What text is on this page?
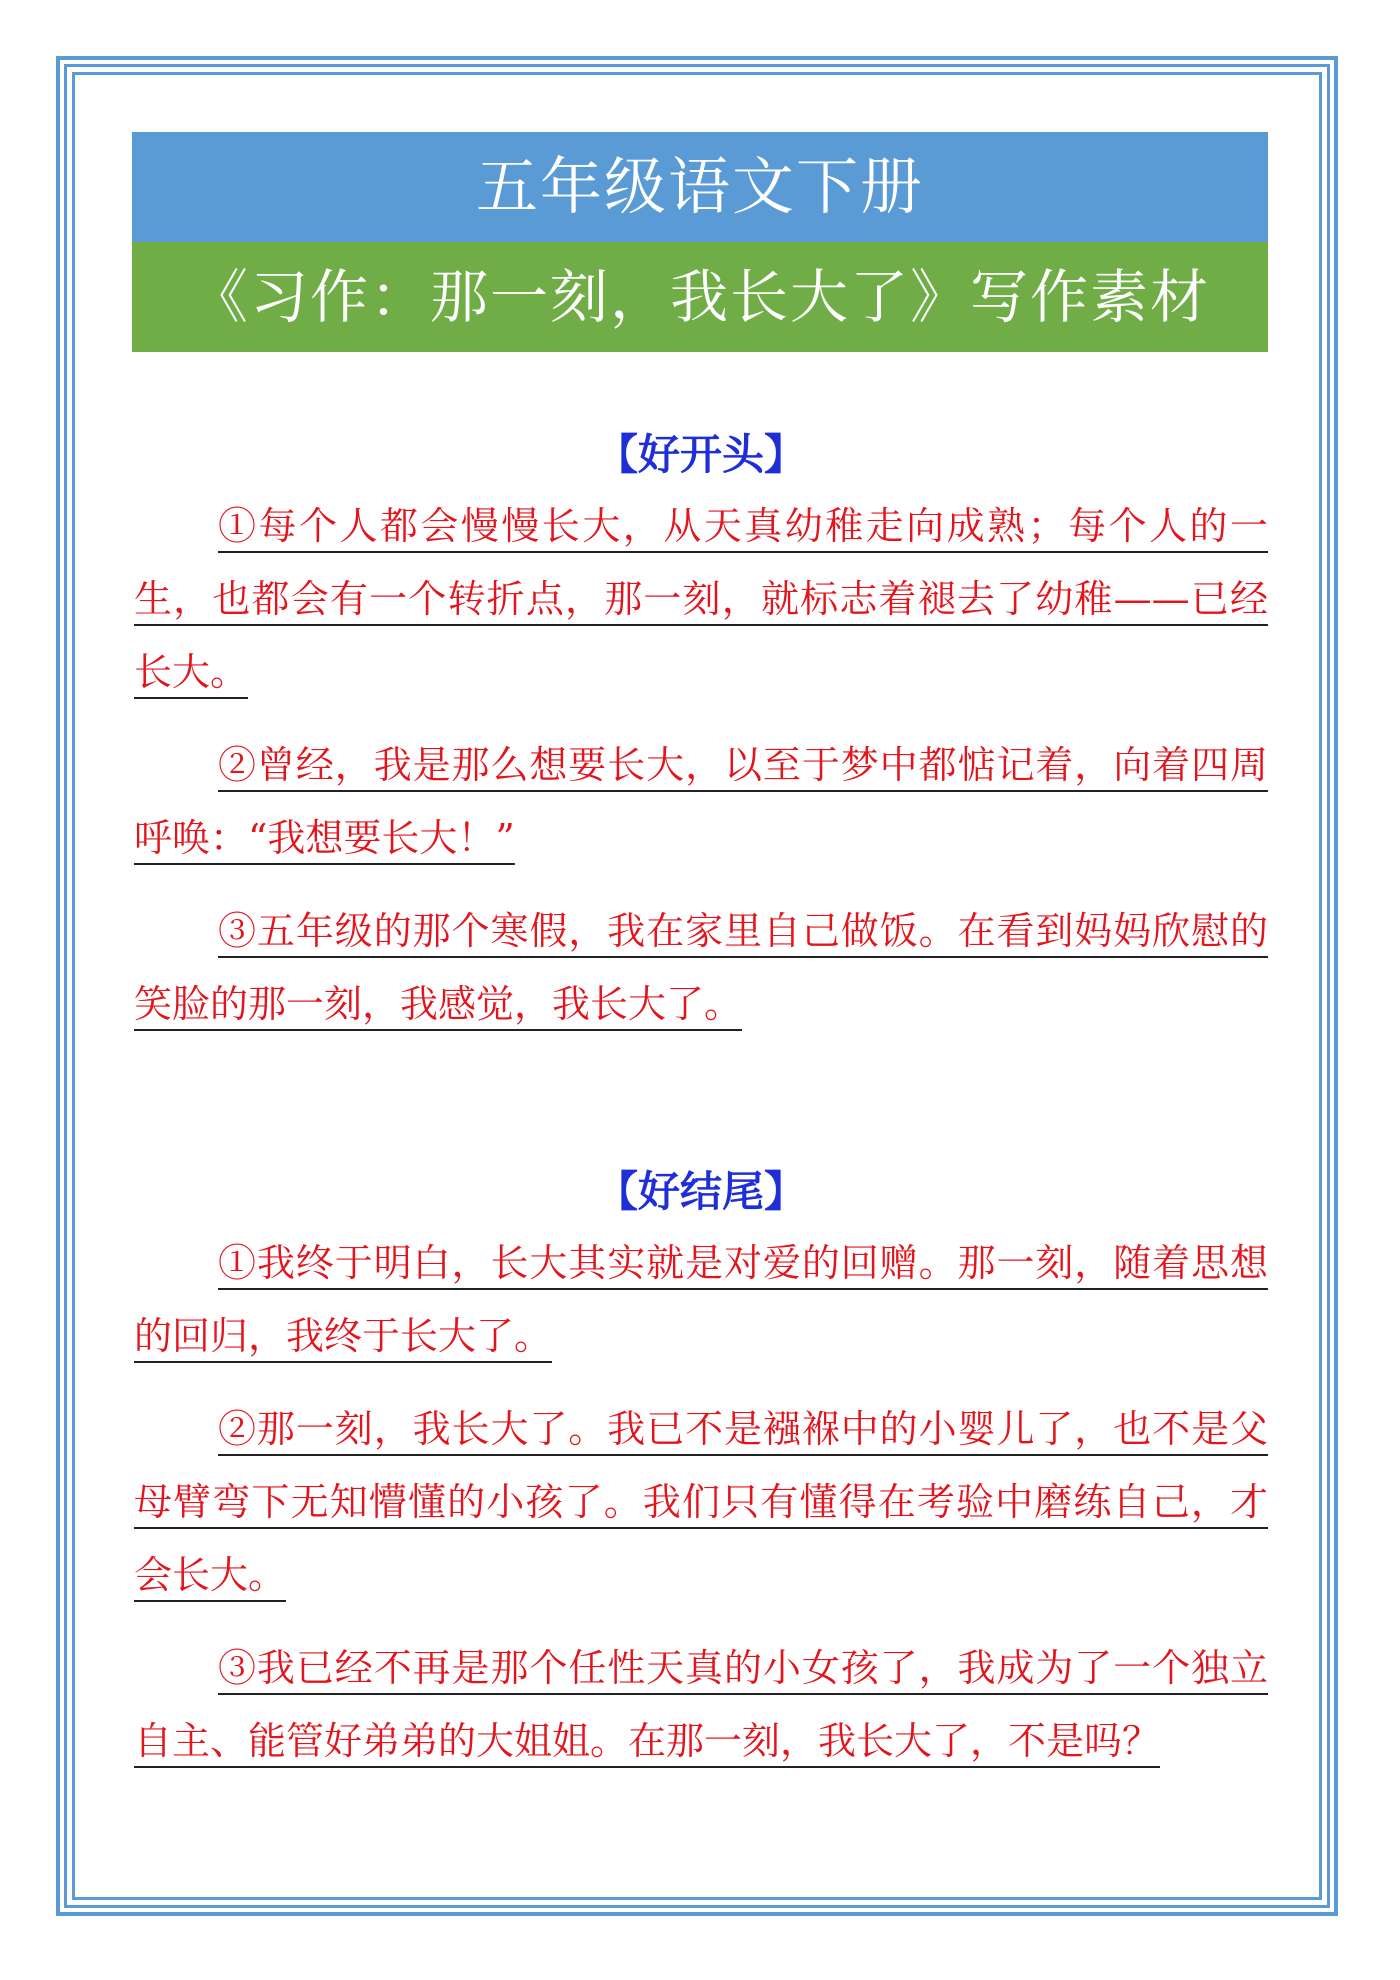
五年级语文下册
《习作：那一刻，我长大了》写作素材
【好开头】

①每个人都会慢慢长大，从天真幼稚走向成熟；每个人的一生，也都会有一个转折点，那一刻，就标志着褪去了幼稚——已经长大。

②曾经，我是那么想要长大，以至于梦中都惦记着，向着四周呼唤：“我想要长大！”

③五年级的那个寒假，我在家里自己做饭。在看到妈妈欣慰的笑脸的那一刻，我感觉，我长大了。

【好结尾】

①我终于明白，长大其实就是对爱的回赠。那一刻，随着思想的回归，我终于长大了。

②那一刻，我长大了。我已不是襁褓中的小婴儿了，也不是父母臂弯下无知懵懂的小孩了。我们只有懂得在考验中磨练自己，才会长大。

③我已经不再是那个任性天真的小女孩了，我成为了一个独立自主、能管好弟弟的大姐姐。在那一刻，我长大了，不是吗？
